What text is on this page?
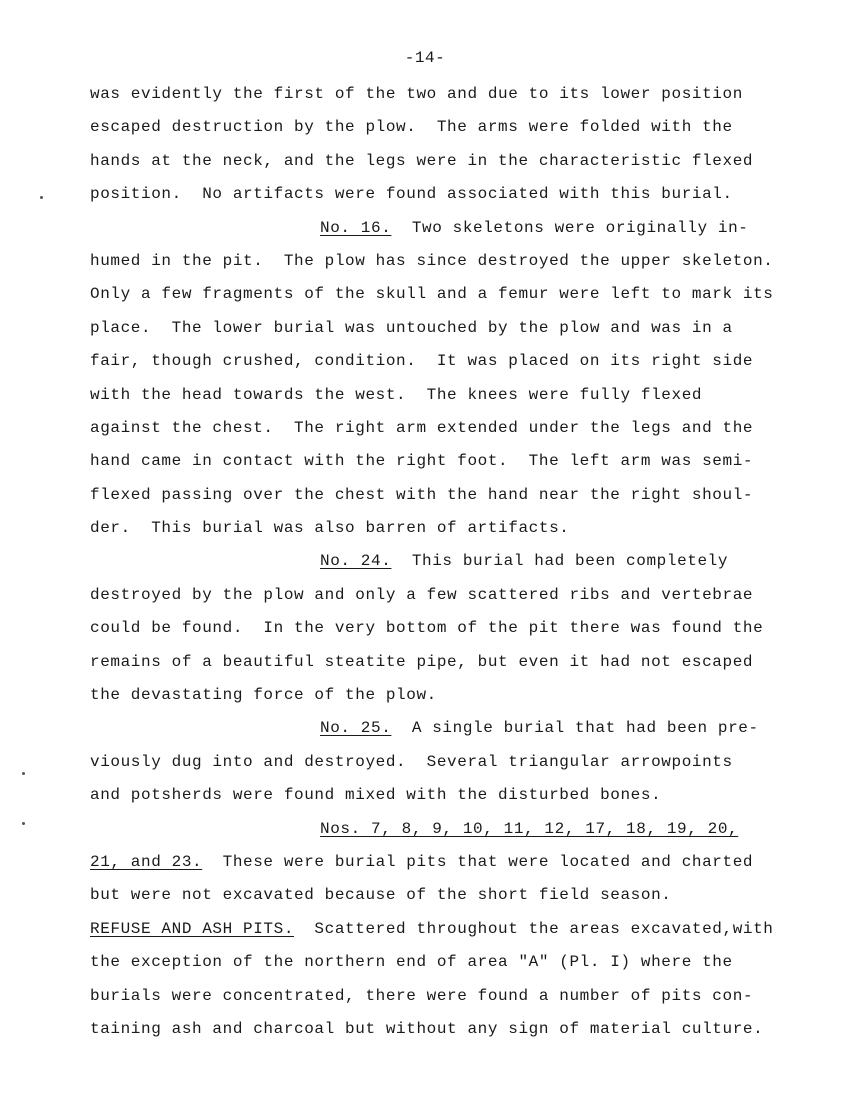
-14-
was evidently the first of the two and due to its lower position
escaped destruction by the plow.  The arms were folded with the
hands at the neck, and the legs were in the characteristic flexed
position.  No artifacts were found associated with this burial.
No. 16.  Two skeletons were originally in-
humed in the pit.  The plow has since destroyed the upper skeleton.
Only a few fragments of the skull and a femur were left to mark its
place.  The lower burial was untouched by the plow and was in a
fair, though crushed, condition.  It was placed on its right side
with the head towards the west.  The knees were fully flexed
against the chest.  The right arm extended under the legs and the
hand came in contact with the right foot.  The left arm was semi-
flexed passing over the chest with the hand near the right shoul-
der.  This burial was also barren of artifacts.
No. 24.  This burial had been completely
destroyed by the plow and only a few scattered ribs and vertebrae
could be found.  In the very bottom of the pit there was found the
remains of a beautiful steatite pipe, but even it had not escaped
the devastating force of the plow.
No. 25.  A single burial that had been pre-
viously dug into and destroyed.  Several triangular arrowpoints
and potsherds were found mixed with the disturbed bones.
Nos. 7, 8, 9, 10, 11, 12, 17, 18, 19, 20,
21, and 23.  These were burial pits that were located and charted
but were not excavated because of the short field season.
REFUSE AND ASH PITS.  Scattered throughout the areas excavated,with
the exception of the northern end of area "A" (Pl. I) where the
burials were concentrated, there were found a number of pits con-
taining ash and charcoal but without any sign of material culture.
